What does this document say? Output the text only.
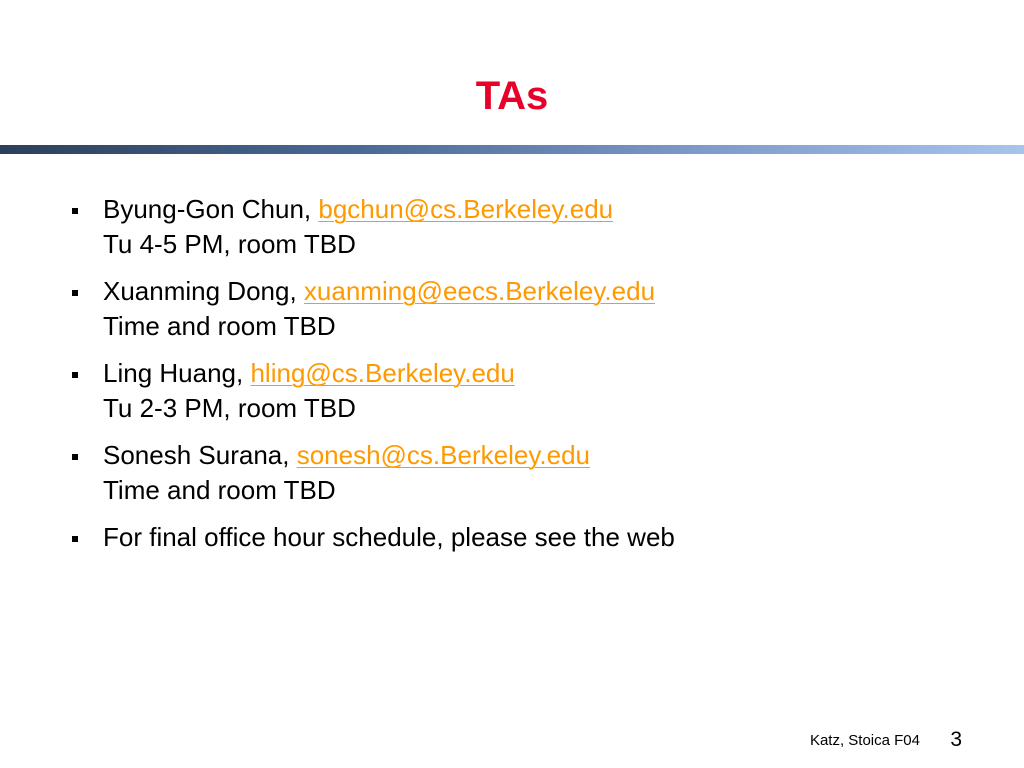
TAs
Byung-Gon Chun, bgchun@cs.Berkeley.edu
Tu 4-5 PM, room TBD
Xuanming Dong, xuanming@eecs.Berkeley.edu
Time and room TBD
Ling Huang, hling@cs.Berkeley.edu
Tu 2-3 PM, room TBD
Sonesh Surana, sonesh@cs.Berkeley.edu
Time and room TBD
For final office hour schedule, please see the web
Katz, Stoica F04 3
